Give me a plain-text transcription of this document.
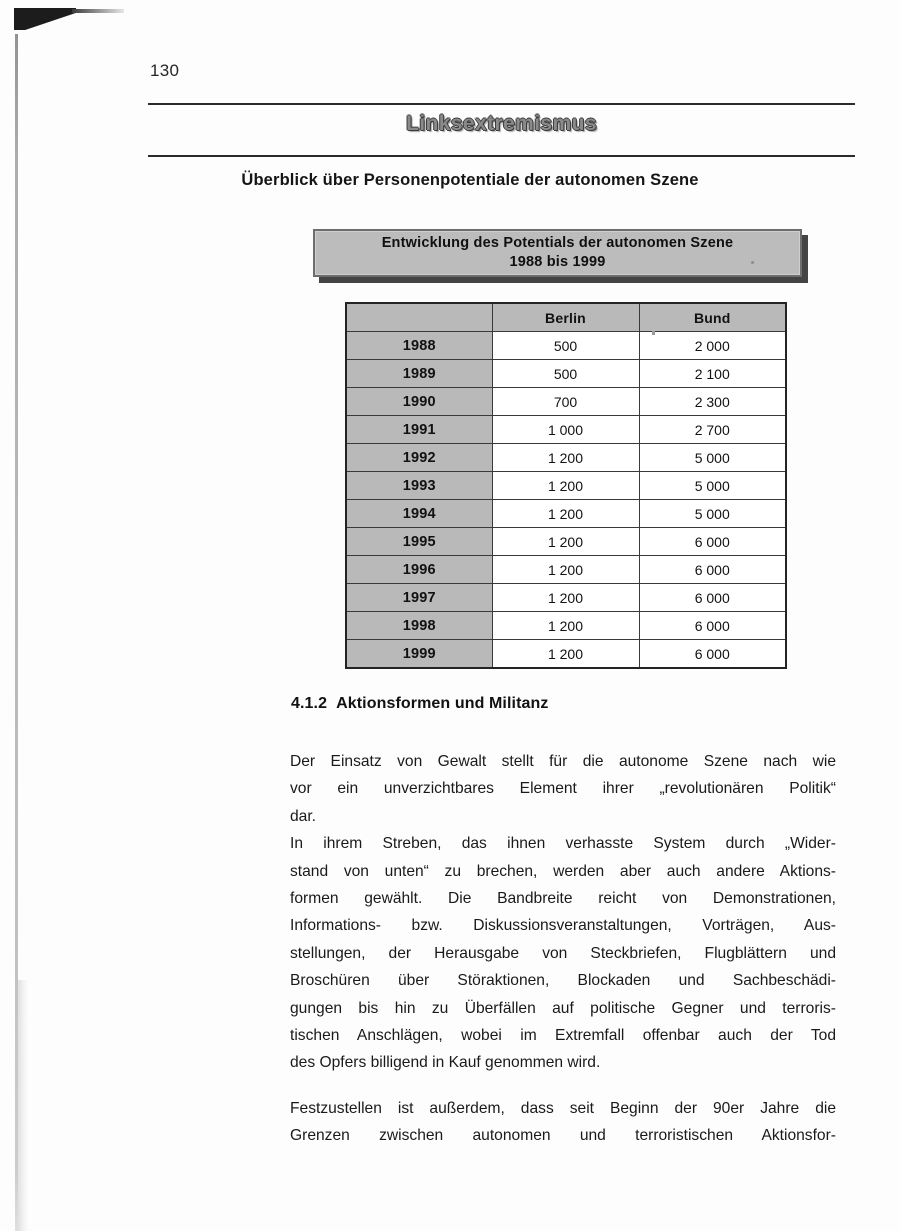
130
Linksextremismus
Überblick über Personenpotentiale der autonomen Szene
Entwicklung des Potentials der autonomen Szene
1988 bis 1999
	Berlin	Bund
1988	500	2 000
1989	500	2 100
1990	700	2 300
1991	1 000	2 700
1992	1 200	5 000
1993	1 200	5 000
1994	1 200	5 000
1995	1 200	6 000
1996	1 200	6 000
1997	1 200	6 000
1998	1 200	6 000
1999	1 200	6 000
4.1.2 Aktionsformen und Militanz
Der Einsatz von Gewalt stellt für die autonome Szene nach wie
vor ein unverzichtbares Element ihrer „revolutionären Politik“
dar.
In ihrem Streben, das ihnen verhasste System durch „Wider-
stand von unten“ zu brechen, werden aber auch andere Aktions-
formen gewählt. Die Bandbreite reicht von Demonstrationen,
Informations- bzw. Diskussionsveranstaltungen, Vorträgen, Aus-
stellungen, der Herausgabe von Steckbriefen, Flugblättern und
Broschüren über Störaktionen, Blockaden und Sachbeschädi-
gungen bis hin zu Überfällen auf politische Gegner und terroris-
tischen Anschlägen, wobei im Extremfall offenbar auch der Tod
des Opfers billigend in Kauf genommen wird.
Festzustellen ist außerdem, dass seit Beginn der 90er Jahre die
Grenzen zwischen autonomen und terroristischen Aktionsfor-
